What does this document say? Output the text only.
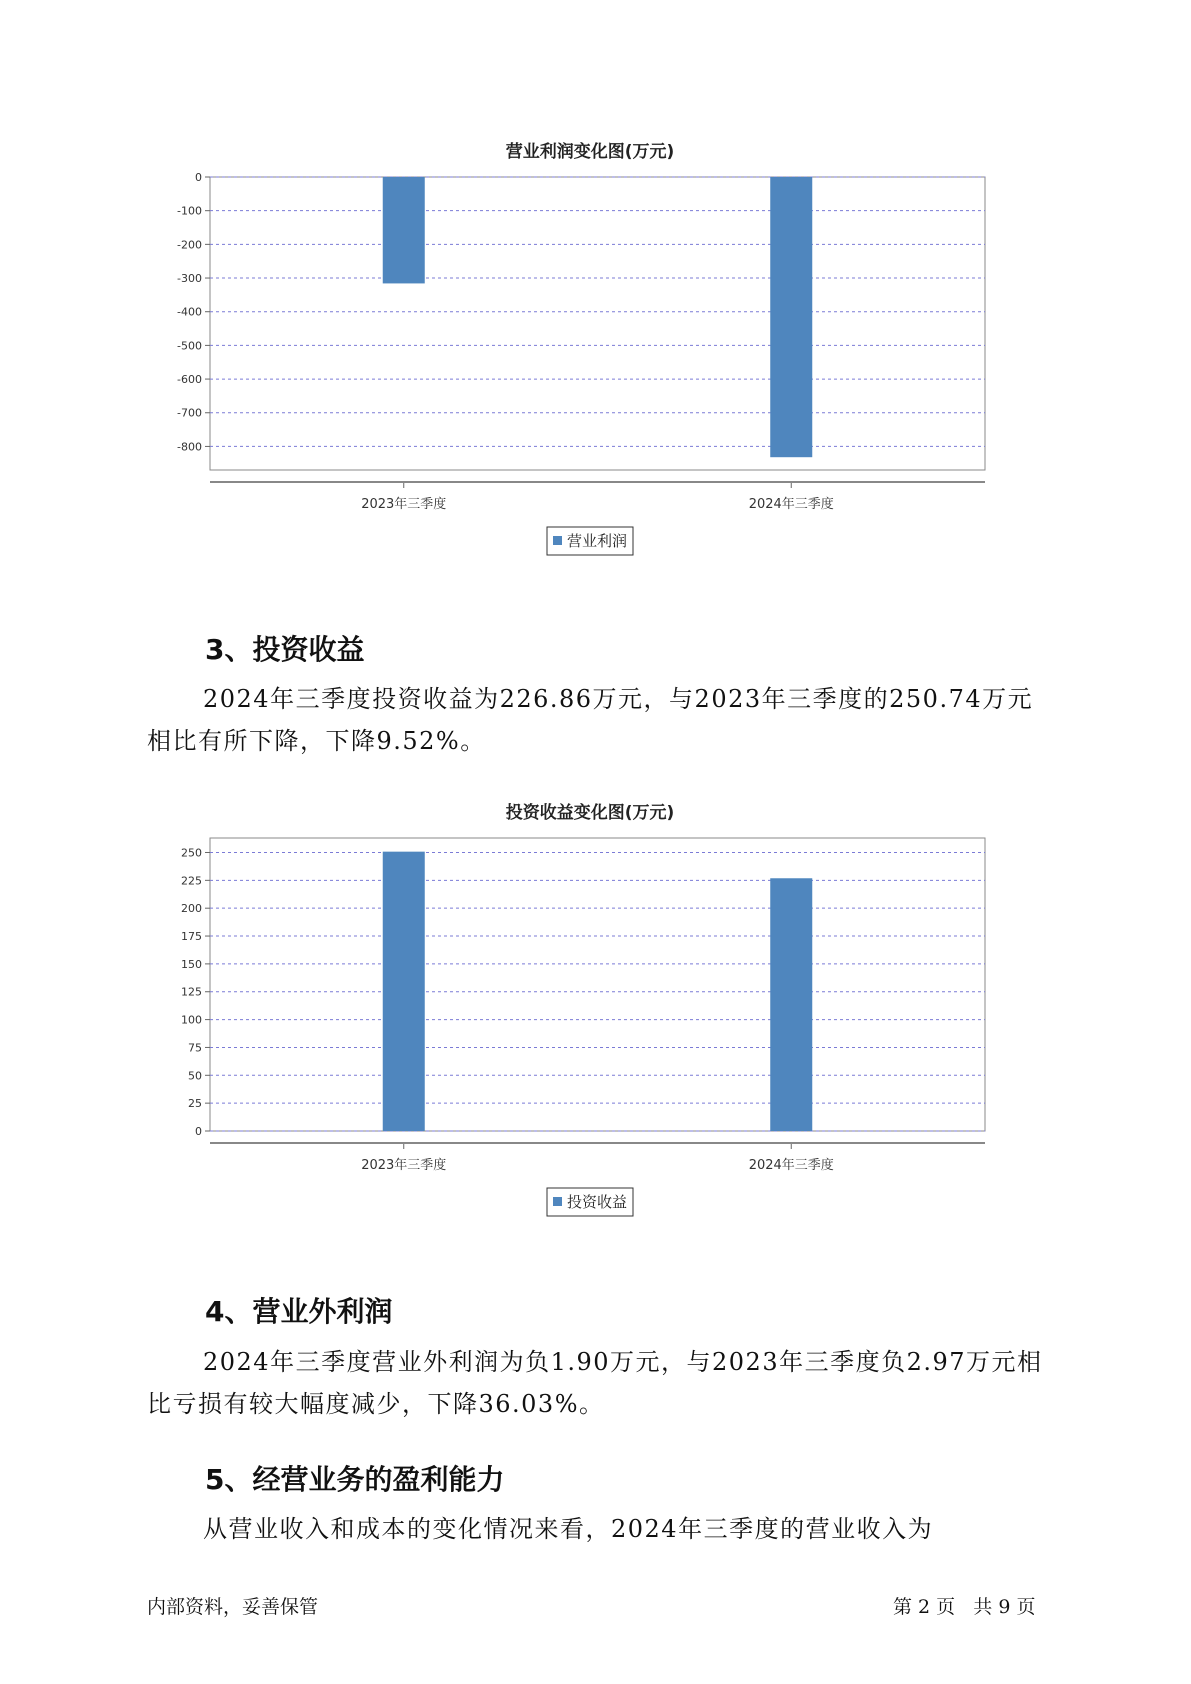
营业利润变化图(万元)
0
-100
-200
-300
-400
-500
-600
-700
-800
2023年三季度	2024年三季度
营业利润
3、投资收益

2024年三季度投资收益为226.86万元，与2023年三季度的250.74万元相比有所下降，下降9.52%。

投资收益变化图(万元)
250
225
200
175
150
125
100
75
50
25
0
2023年三季度	2024年三季度
投资收益
4、营业外利润

2024年三季度营业外利润为负1.90万元，与2023年三季度负2.97万元相比亏损有较大幅度减少，下降36.03%。

5、经营业务的盈利能力

从营业收入和成本的变化情况来看，2024年三季度的营业收入为

内部资料，妥善保管	第 2 页   共 9 页
